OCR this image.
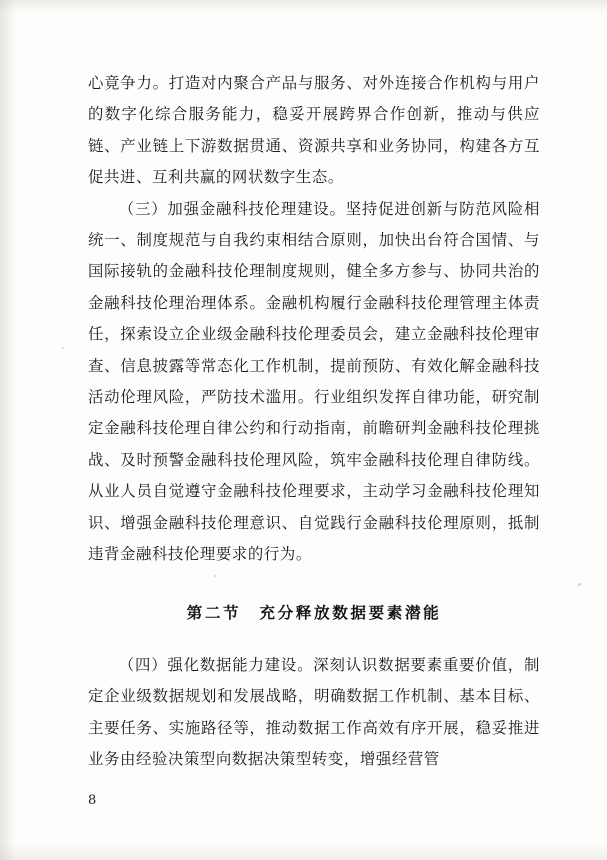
心竟争力。打造对内聚合产品与服务、对外连接合作机构与用户的数字化综合服务能力，稳妥开展跨界合作创新，推动与供应链、产业链上下游数据贯通、资源共享和业务协同，构建各方互促共进、互利共赢的网状数字生态。

（三）加强金融科技伦理建设。坚持促进创新与防范风险相统一、制度规范与自我约束相结合原则，加快出台符合国情、与国际接轨的金融科技伦理制度规则，健全多方参与、协同共治的金融科技伦理治理体系。金融机构履行金融科技伦理管理主体责任，探索设立企业级金融科技伦理委员会，建立金融科技伦理审查、信息披露等常态化工作机制，提前预防、有效化解金融科技活动伦理风险，严防技术滥用。行业组织发挥自律功能，研究制定金融科技伦理自律公约和行动指南，前瞻研判金融科技伦理挑战、及时预警金融科技伦理风险，筑牢金融科技伦理自律防线。从业人员自觉遵守金融科技伦理要求，主动学习金融科技伦理知识、增强金融科技伦理意识、自觉践行金融科技伦理原则，抵制违背金融科技伦理要求的行为。

第二节　充分释放数据要素潜能

（四）强化数据能力建设。深刻认识数据要素重要价值，制定企业级数据规划和发展战略，明确数据工作机制、基本目标、主要任务、实施路径等，推动数据工作高效有序开展，稳妥推进业务由经验决策型向数据决策型转变，增强经营管

8
